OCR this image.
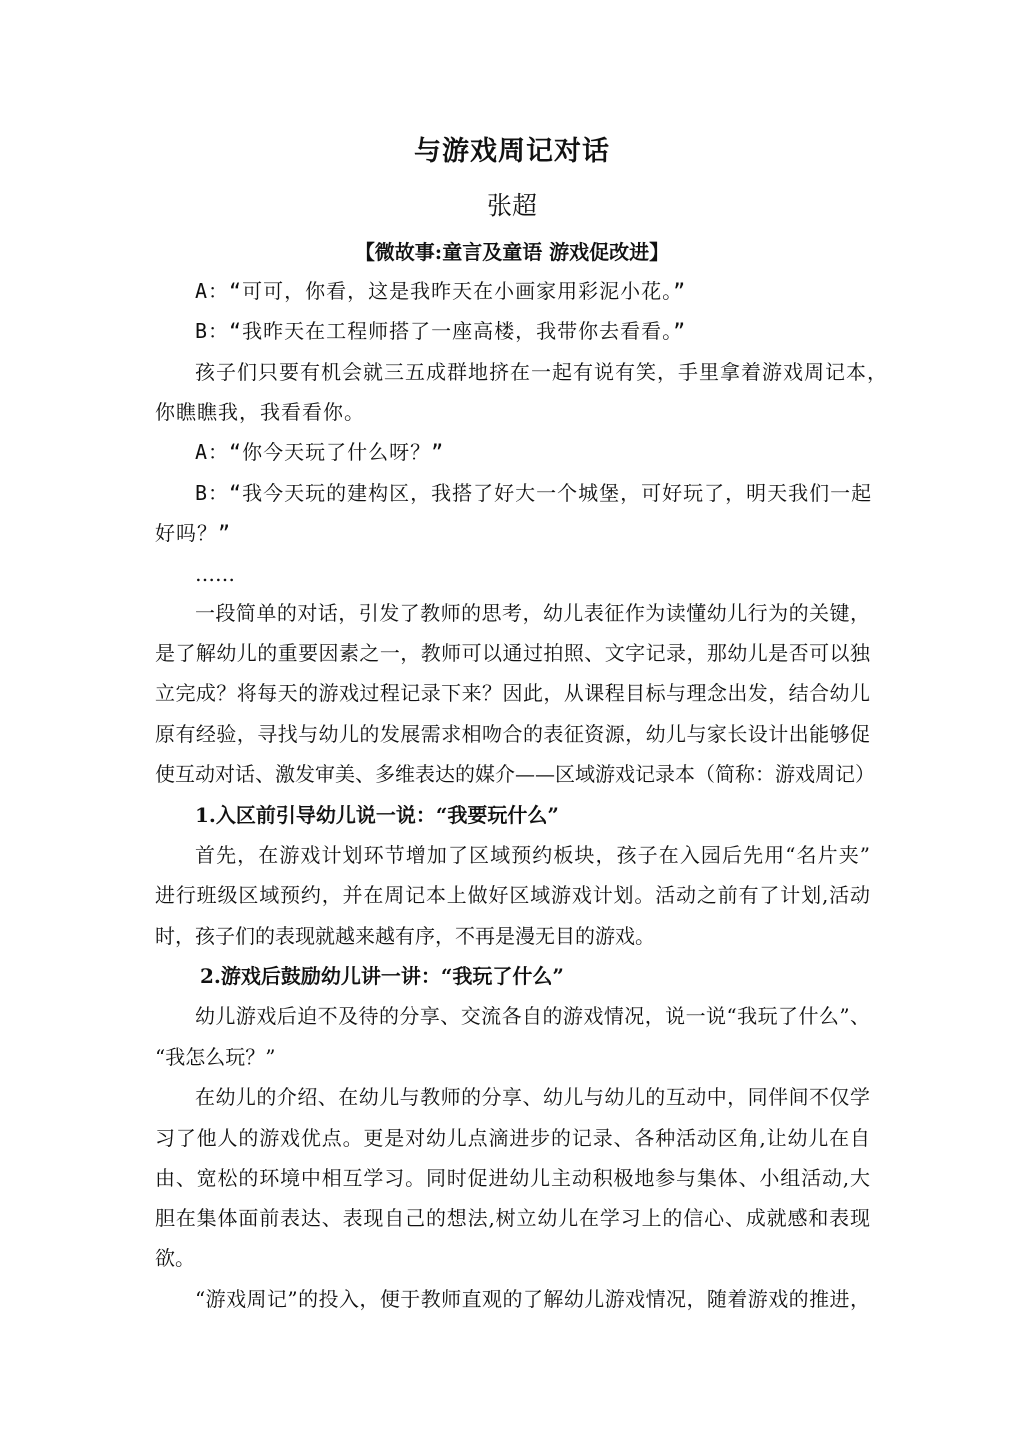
与游戏周记对话
张超
【微故事:童言及童语 游戏促改进】
A：“可可，你看，这是我昨天在小画家用彩泥小花。”
B：“我昨天在工程师搭了一座高楼，我带你去看看。”
孩子们只要有机会就三五成群地挤在一起有说有笑，手里拿着游戏周记本，
你瞧瞧我，我看看你。
A：“你今天玩了什么呀？”
B：“我今天玩的建构区，我搭了好大一个城堡，可好玩了，明天我们一起
好吗？”
……
一段简单的对话，引发了教师的思考，幼儿表征作为读懂幼儿行为的关键，
是了解幼儿的重要因素之一，教师可以通过拍照、文字记录，那幼儿是否可以独
立完成？将每天的游戏过程记录下来？因此，从课程目标与理念出发，结合幼儿
原有经验，寻找与幼儿的发展需求相吻合的表征资源，幼儿与家长设计出能够促
使互动对话、激发审美、多维表达的媒介——区域游戏记录本（简称：游戏周记）
1.入区前引导幼儿说一说：“我要玩什么”
首先，在游戏计划环节增加了区域预约板块，孩子在入园后先用“名片夹”
进行班级区域预约，并在周记本上做好区域游戏计划。活动之前有了计划,活动
时，孩子们的表现就越来越有序，不再是漫无目的游戏。
2.游戏后鼓励幼儿讲一讲：“我玩了什么”
幼儿游戏后迫不及待的分享、交流各自的游戏情况，说一说“我玩了什么”、
“我怎么玩？”
在幼儿的介绍、在幼儿与教师的分享、幼儿与幼儿的互动中，同伴间不仅学
习了他人的游戏优点。更是对幼儿点滴进步的记录、各种活动区角,让幼儿在自
由、宽松的环境中相互学习。同时促进幼儿主动积极地参与集体、小组活动,大
胆在集体面前表达、表现自己的想法,树立幼儿在学习上的信心、成就感和表现
欲。
“游戏周记”的投入，便于教师直观的了解幼儿游戏情况，随着游戏的推进，
